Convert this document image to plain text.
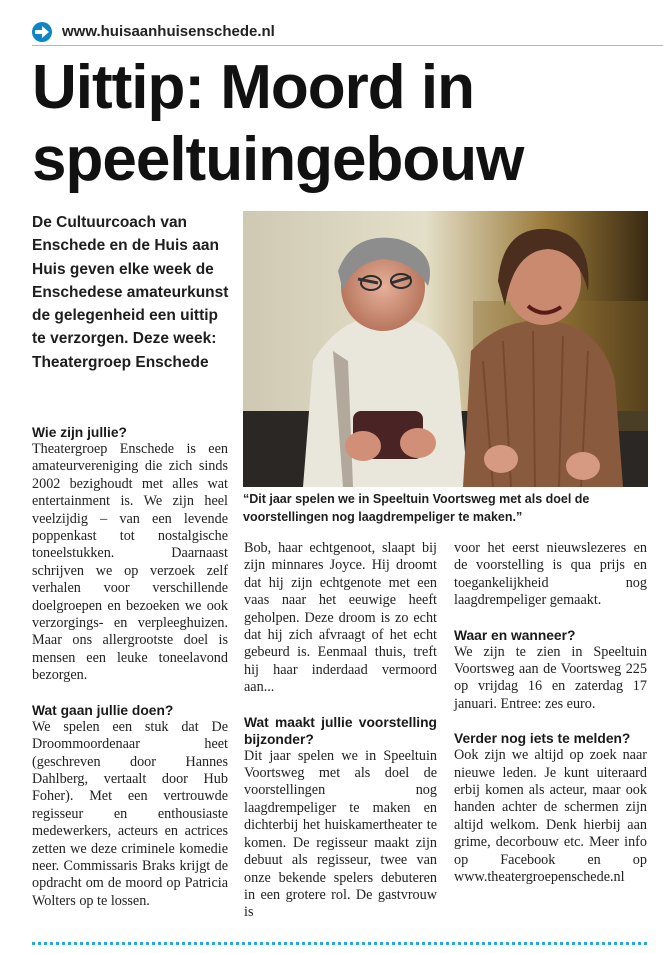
www.huisaanhuisenschede.nl
Uittip: Moord in
speeltuingebouw
De Cultuurcoach van Enschede en de Huis aan Huis geven elke week de Enschedese amateurkunst de gelegenheid een uittip te verzorgen. Deze week: Theatergroep Enschede
“Dit jaar spelen we in Speeltuin Voortsweg met als doel de voorstellingen nog laagdrempeliger te maken.”
Wie zijn jullie?

Theatergroep Enschede is een amateurvereniging die zich sinds 2002 bezighoudt met alles wat entertainment is. We zijn heel veelzijdig – van een levende poppenkast tot nostalgische toneelstukken. Daarnaast schrijven we op verzoek zelf verhalen voor verschillende doelgroepen en bezoeken we ook verzorgings- en verpleeghuizen. Maar ons allergrootste doel is mensen een leuke toneelavond bezorgen.

Wat gaan jullie doen?

We spelen een stuk dat De Droommoordenaar heet (geschreven door Hannes Dahlberg, vertaalt door Hub Foher). Met een vertrouwde regisseur en enthousiaste medewerkers, acteurs en actrices zetten we deze criminele komedie neer. Commissaris Braks krijgt de opdracht om de moord op Patricia Wolters op te lossen.

Bob, haar echtgenoot, slaapt bij zijn minnares Joyce. Hij droomt dat hij zijn echtgenote met een vaas naar het eeuwige heeft geholpen. Deze droom is zo echt dat hij zich afvraagt of het echt gebeurd is. Eenmaal thuis, treft hij haar inderdaad vermoord aan...

Wat maakt jullie voorstelling bijzonder?

Dit jaar spelen we in Speeltuin Voortsweg met als doel de voorstellingen nog laagdrempeliger te maken en dichterbij het huiskamertheater te komen. De regisseur maakt zijn debuut als regisseur, twee van onze bekende spelers debuteren in een grotere rol. De gastvrouw is

voor het eerst nieuwslezeres en de voorstelling is qua prijs en toegankelijkheid nog laagdrempeliger gemaakt.

Waar en wanneer?

We zijn te zien in Speeltuin Voortsweg aan de Voortsweg 225 op vrijdag 16 en zaterdag 17 januari. Entree: zes euro.

Verder nog iets te melden?

Ook zijn we altijd op zoek naar nieuwe leden. Je kunt uiteraard erbij komen als acteur, maar ook handen achter de schermen zijn altijd welkom. Denk hierbij aan grime, decorbouw etc. Meer info op Facebook en op www.theatergroepenschede.nl
